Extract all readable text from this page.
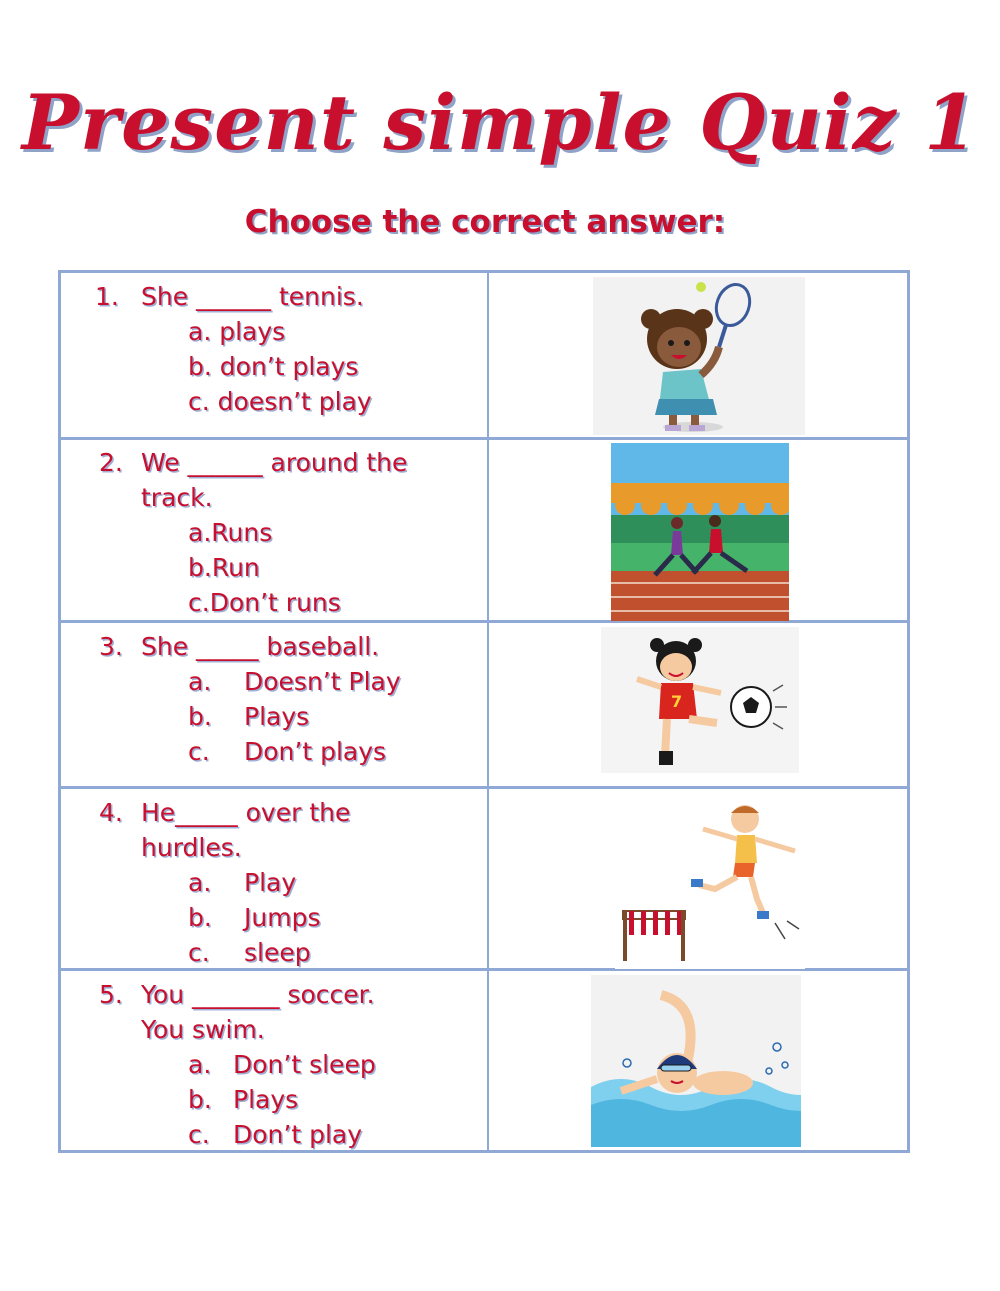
Present simple Quiz 1
Choose the correct answer:
1. She ______ tennis.
a. plays
b. don’t plays
c. doesn’t play
2. We ______ around the
track.
a.Runs
b.Run
c.Don’t runs
3. She _____ baseball.
a. Doesn’t Play
b. Plays
c. Don’t plays
7
4. He_____ over the
hurdles.
a. Play
b. Jumps
c. sleep
5. You _______ soccer.
You swim.
a. Don’t sleep
b. Plays
c. Don’t play
